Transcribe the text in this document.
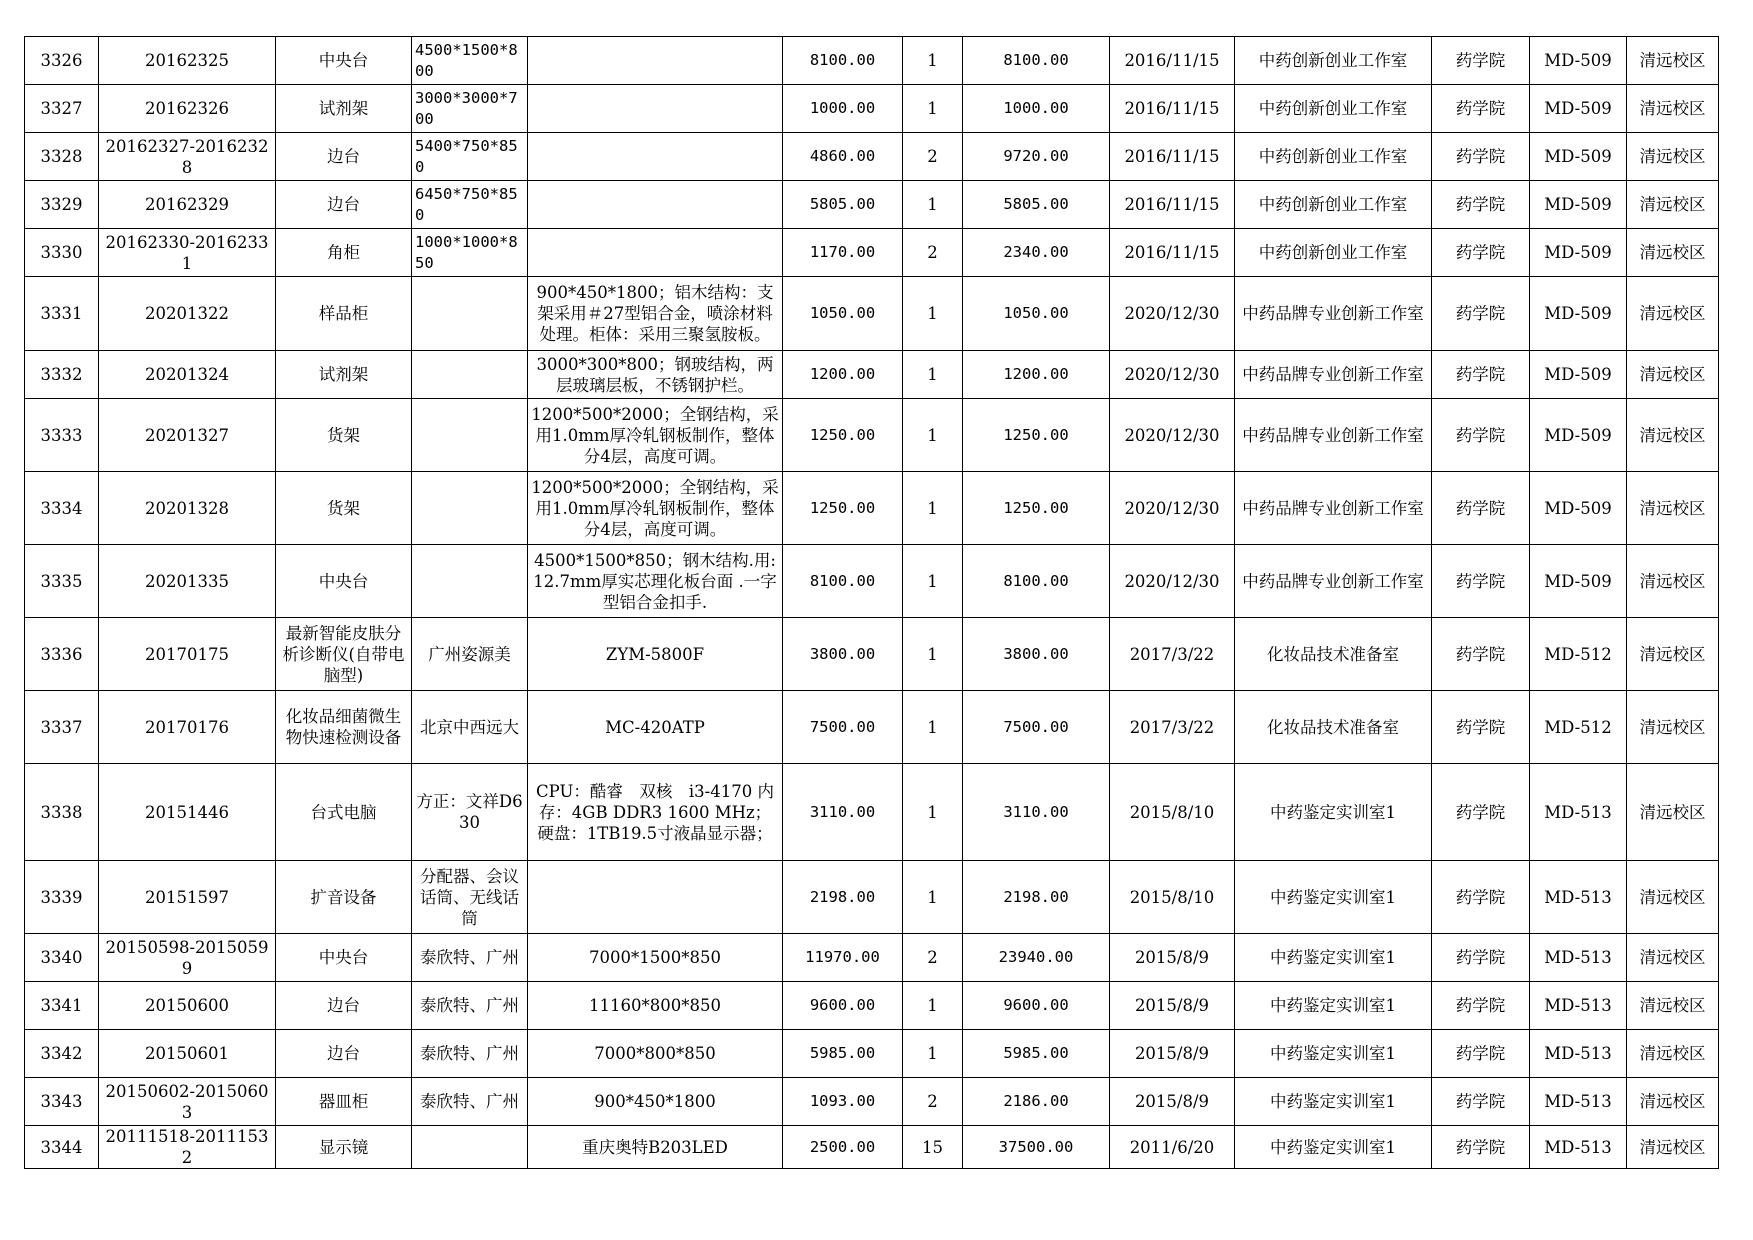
3326	20162325	中央台	4500*1500*800		8100.00	1	8100.00	2016/11/15	中药创新创业工作室	药学院	MD-509	清远校区
3327	20162326	试剂架	3000*3000*700		1000.00	1	1000.00	2016/11/15	中药创新创业工作室	药学院	MD-509	清远校区
3328	20162327-20162328	边台	5400*750*850		4860.00	2	9720.00	2016/11/15	中药创新创业工作室	药学院	MD-509	清远校区
3329	20162329	边台	6450*750*850		5805.00	1	5805.00	2016/11/15	中药创新创业工作室	药学院	MD-509	清远校区
3330	20162330-20162331	角柜	1000*1000*850		1170.00	2	2340.00	2016/11/15	中药创新创业工作室	药学院	MD-509	清远校区
3331	20201322	样品柜		900*450*1800；铝木结构：支架采用＃27型铝合金，喷涂材料处理。柜体：采用三聚氢胺板。	1050.00	1	1050.00	2020/12/30	中药品牌专业创新工作室	药学院	MD-509	清远校区
3332	20201324	试剂架		3000*300*800；钢玻结构，两层玻璃层板，不锈钢护栏。	1200.00	1	1200.00	2020/12/30	中药品牌专业创新工作室	药学院	MD-509	清远校区
3333	20201327	货架		1200*500*2000；全钢结构，采用1.0mm厚冷轧钢板制作，整体分4层，高度可调。	1250.00	1	1250.00	2020/12/30	中药品牌专业创新工作室	药学院	MD-509	清远校区
3334	20201328	货架		1200*500*2000；全钢结构，采用1.0mm厚冷轧钢板制作，整体分4层，高度可调。	1250.00	1	1250.00	2020/12/30	中药品牌专业创新工作室	药学院	MD-509	清远校区
3335	20201335	中央台		4500*1500*850；钢木结构.用:12.7mm厚实芯理化板台面 .一字型铝合金扣手.	8100.00	1	8100.00	2020/12/30	中药品牌专业创新工作室	药学院	MD-509	清远校区
3336	20170175	最新智能皮肤分析诊断仪(自带电脑型)	广州姿源美	ZYM-5800F	3800.00	1	3800.00	2017/3/22	化妆品技术准备室	药学院	MD-512	清远校区
3337	20170176	化妆品细菌微生物快速检测设备	北京中西远大	MC-420ATP	7500.00	1	7500.00	2017/3/22	化妆品技术准备室	药学院	MD-512	清远校区
3338	20151446	台式电脑	方正：文祥D630	CPU：酷睿　双核　i3-4170 内存：4GB DDR3 1600 MHz；硬盘：1TB19.5寸液晶显示器；	3110.00	1	3110.00	2015/8/10	中药鉴定实训室1	药学院	MD-513	清远校区
3339	20151597	扩音设备	分配器、会议话筒、无线话筒		2198.00	1	2198.00	2015/8/10	中药鉴定实训室1	药学院	MD-513	清远校区
3340	20150598-20150599	中央台	泰欣特、广州	7000*1500*850	11970.00	2	23940.00	2015/8/9	中药鉴定实训室1	药学院	MD-513	清远校区
3341	20150600	边台	泰欣特、广州	11160*800*850	9600.00	1	9600.00	2015/8/9	中药鉴定实训室1	药学院	MD-513	清远校区
3342	20150601	边台	泰欣特、广州	7000*800*850	5985.00	1	5985.00	2015/8/9	中药鉴定实训室1	药学院	MD-513	清远校区
3343	20150602-20150603	器皿柜	泰欣特、广州	900*450*1800	1093.00	2	2186.00	2015/8/9	中药鉴定实训室1	药学院	MD-513	清远校区
3344	20111518-20111532	显示镜		重庆奥特B203LED	2500.00	15	37500.00	2011/6/20	中药鉴定实训室1	药学院	MD-513	清远校区
